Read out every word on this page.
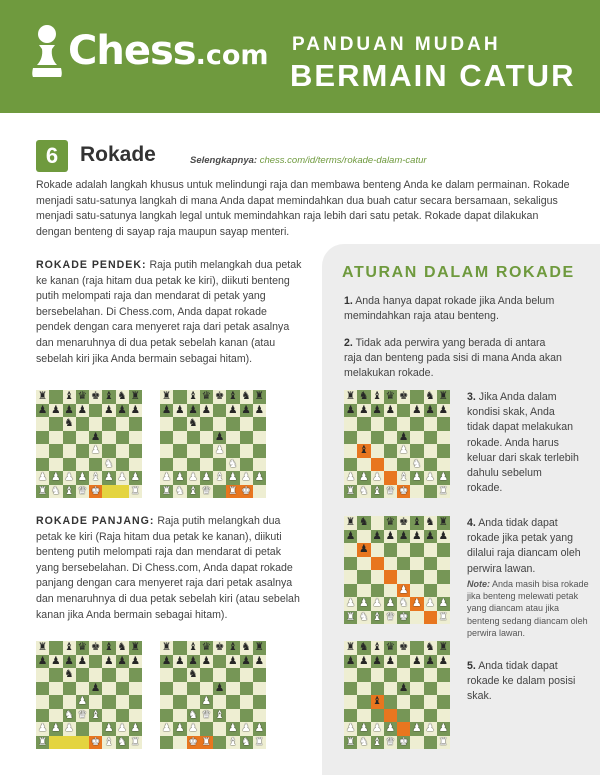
Chess.com PANDUAN MUDAH
BERMAIN CATUR
6	Rokade	Selengkapnya: chess.com/id/terms/rokade-dalam-catur
Rokade adalah langkah khusus untuk melindungi raja dan membawa benteng Anda ke dalam permainan. Rokade menjadi satu-satunya langkah di mana Anda dapat memindahkan dua buah catur secara bersamaan, sekaligus menjadi satu-satunya langkah legal untuk memindahkan raja lebih dari satu petak. Rokade dapat dilakukan dengan benteng di sayap raja maupun sayap menteri.
ROKADE PENDEK: Raja putih melangkah dua petak ke kanan (raja hitam dua petak ke kiri), diikuti benteng putih melompati raja dan mendarat di petak yang bersebelahan. Di Chess.com, Anda dapat rokade pendek dengan cara menyeret raja dari petak asalnya dan menaruhnya di dua petak sebelah kanan (atau sebelah kiri jika Anda bermain sebagai hitam).
♜ ♝ ♛ ♚ ♝ ♞ ♜
♟ ♟ ♟ ♟ ♟ ♟ ♟
♞
♟
♟
♞
♟ ♟ ♟ ♟ ♝ ♟ ♟ ♟
♜ ♞ ♝ ♛ ♚	♜
♜ ♝ ♛ ♚ ♝ ♞ ♜
♟ ♟ ♟ ♟ ♟ ♟ ♟
♞
♟
♟
♞
♟ ♟ ♟ ♟ ♝ ♟ ♟ ♟
♜ ♞ ♝ ♛ ♜ ♚
ROKADE PANJANG: Raja putih melangkah dua petak ke kiri (Raja hitam dua petak ke kanan), diikuti benteng putih melompati raja dan mendarat di petak yang bersebelahan. Di Chess.com, Anda dapat rokade panjang dengan cara menyeret raja dari petak asalnya dan menaruhnya di dua petak sebelah kiri (atau sebelah kanan jika Anda bermain sebagai hitam).
♜ ♝ ♛ ♚ ♝ ♞ ♜
♟ ♟ ♟ ♟ ♟ ♟ ♟
♞
♟
♟
♞ ♛ ♝
♟ ♟ ♟	♟ ♟ ♟
♜	♚ ♝ ♞ ♜
♜ ♝ ♛ ♚ ♝ ♞ ♜
♟ ♟ ♟ ♟ ♟ ♟ ♟
♞
♟
♟
♞ ♛ ♝
♟ ♟ ♟	♟ ♟ ♟
♚ ♜ ♝ ♞ ♜
ATURAN DALAM ROKADE
1. Anda hanya dapat rokade jika Anda belum memindahkan raja atau benteng.
2. Tidak ada perwira yang berada di antara raja dan benteng pada sisi di mana Anda akan melakukan rokade.
♜ ♞ ♝ ♛ ♚ ♞ ♜
♟ ♟ ♟ ♟ ♟ ♟ ♟
♟
♝	♟
♞
♟ ♟ ♟ ♝ ♟ ♟ ♟
♜ ♞ ♝ ♛ ♚	♜
3. Jika Anda dalam kondisi skak, Anda tidak dapat melakukan rokade. Anda harus keluar dari skak terlebih dahulu sebelum rokade.
♜ ♞ ♛ ♚ ♝ ♞ ♜
♟ ♟ ♟ ♟ ♟ ♟ ♟
♟
♟
♟ ♟ ♟ ♟ ♞ ♟ ♟ ♟
♜ ♞ ♝ ♛ ♚	♜
4. Anda tidak dapat rokade jika petak yang dilalui raja diancam oleh perwira lawan.
Note: Anda masih bisa rokade jika benteng melewati petak yang diancam atau jika benteng sedang diancam oleh perwira lawan.
♜ ♞ ♝ ♛ ♚ ♞ ♜
♟ ♟ ♟ ♟ ♟ ♟ ♟
♟
♝
♟ ♟ ♟ ♟ ♟ ♟ ♟
♜ ♞ ♝ ♛ ♚	♜
5. Anda tidak dapat rokade ke dalam posisi skak.
